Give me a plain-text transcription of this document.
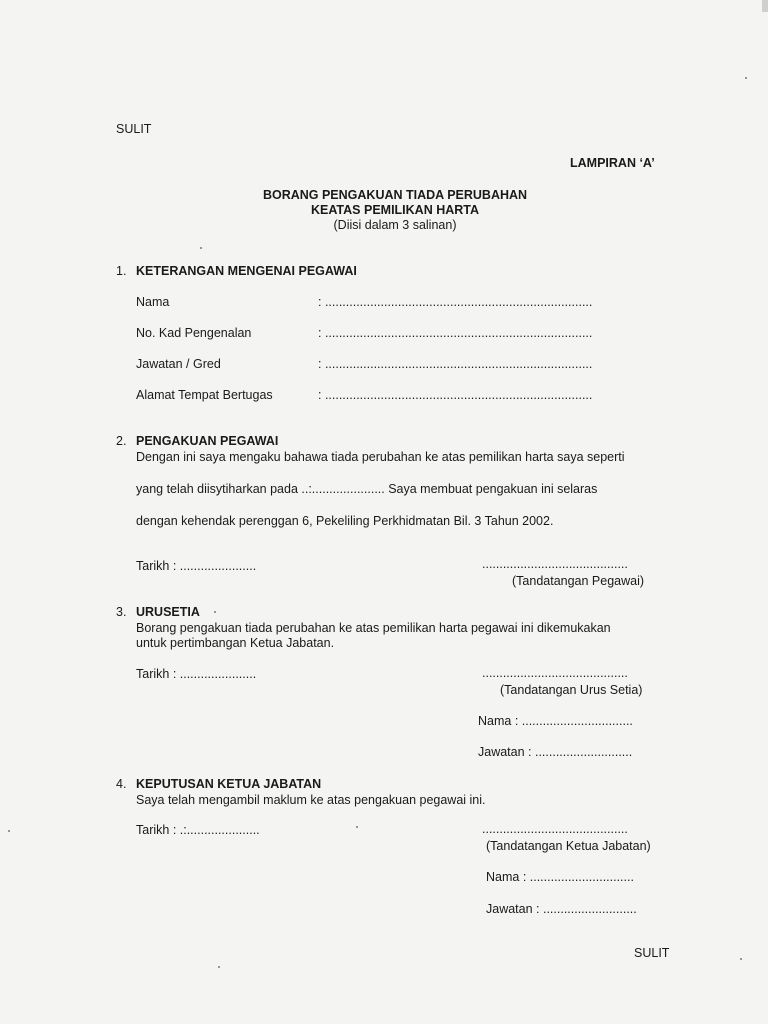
SULIT
LAMPIRAN ‘A’
BORANG PENGAKUAN TIADA PERUBAHAN
KEATAS PEMILIKAN HARTA
(Diisi dalam 3 salinan)
1. KETERANGAN MENGENAI PEGAWAI
Nama	: .............................................................................
No. Kad Pengenalan	: .............................................................................
Jawatan / Gred	: .............................................................................
Alamat Tempat Bertugas	: .............................................................................
2. PENGAKUAN PEGAWAI
Dengan ini saya mengaku bahawa tiada perubahan ke atas pemilikan harta saya seperti
yang telah diisytiharkan pada ..:..................... Saya membuat pengakuan ini selaras
dengan kehendak perenggan 6, Pekeliling Perkhidmatan Bil. 3 Tahun 2002.
Tarikh : ......................	..........................................
(Tandatangan Pegawai)
3. URUSETIA
Borang pengakuan tiada perubahan ke atas pemilikan harta pegawai ini dikemukakan
untuk pertimbangan Ketua Jabatan.
Tarikh : ......................	..........................................
(Tandatangan Urus Setia)
Nama : ................................
Jawatan : ............................
4. KEPUTUSAN KETUA JABATAN
Saya telah mengambil maklum ke atas pengakuan pegawai ini.
Tarikh : .:.....................	..........................................
(Tandatangan Ketua Jabatan)
Nama : ..............................
Jawatan : ...........................
SULIT
